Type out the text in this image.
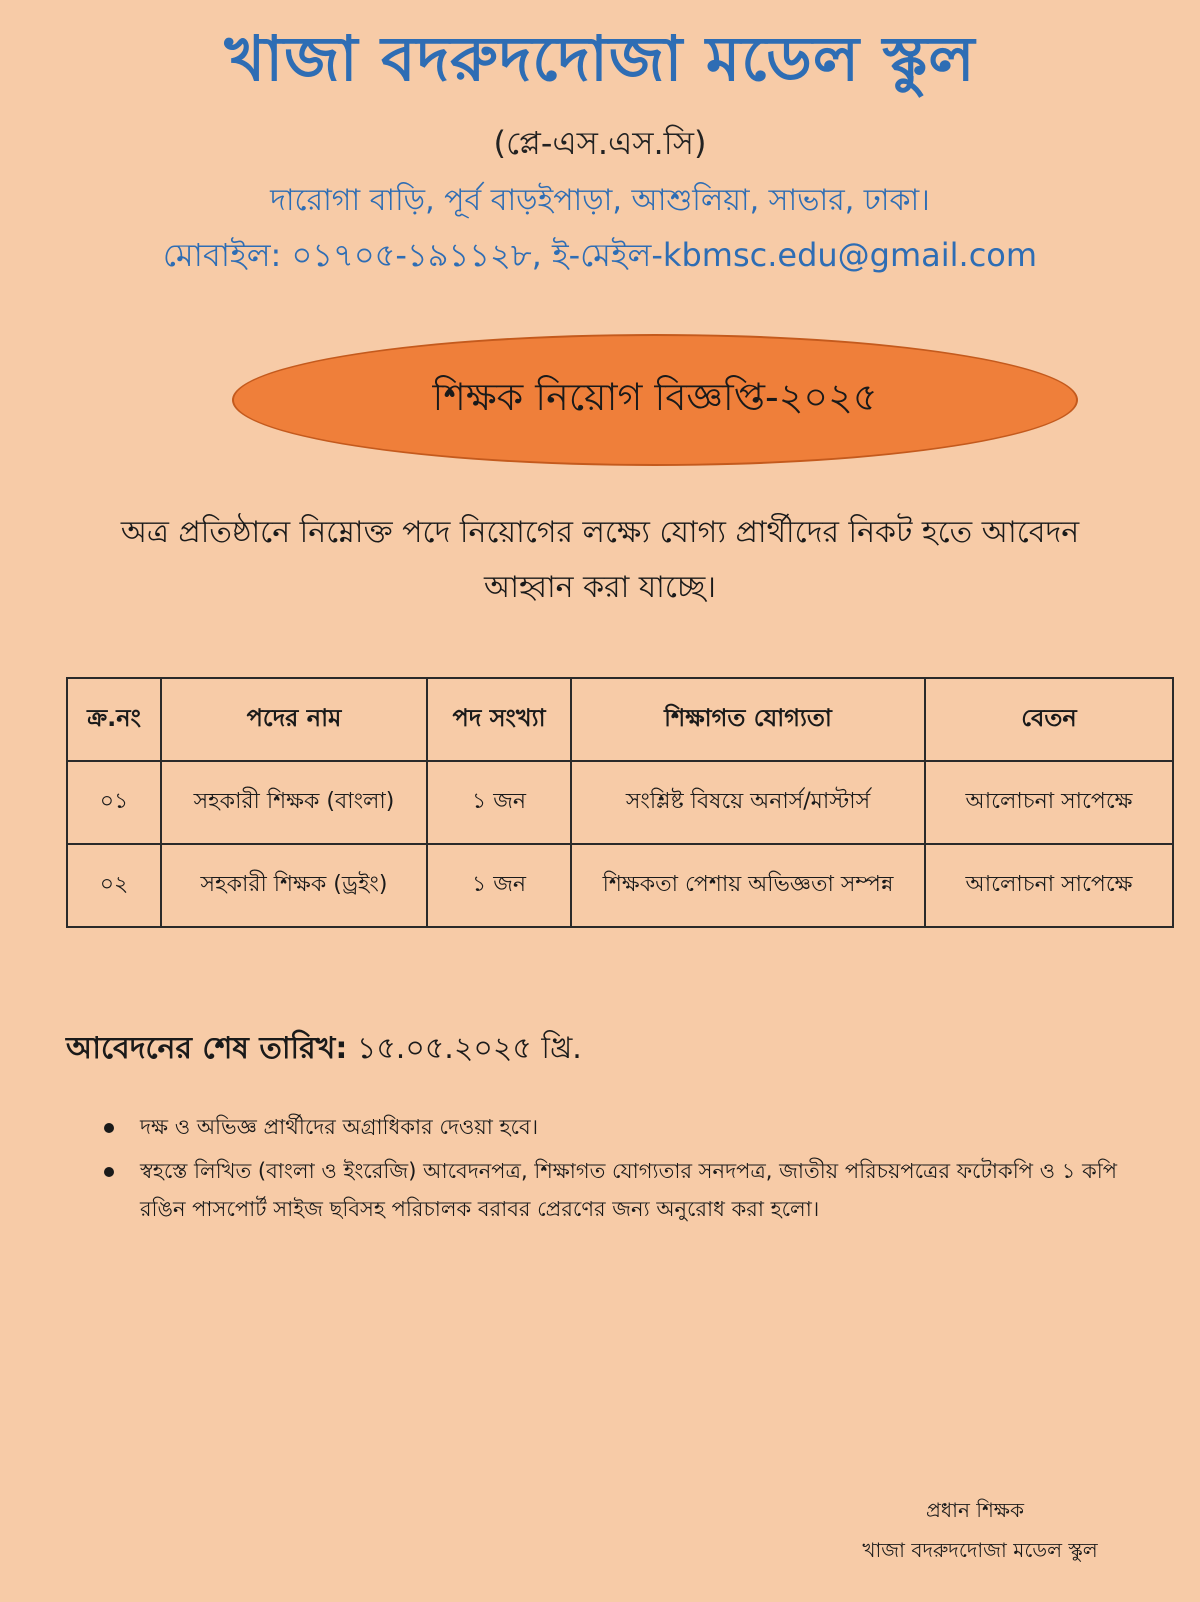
খাজা বদরুদদোজা মডেল স্কুল
(প্লে-এস.এস.সি)
দারোগা বাড়ি, পূর্ব বাড়ইপাড়া, আশুলিয়া, সাভার, ঢাকা।
মোবাইল: ০১৭০৫-১৯১১২৮, ই-মেইল-kbmsc.edu@gmail.com
শিক্ষক নিয়োগ বিজ্ঞপ্তি-২০২৫
অত্র প্রতিষ্ঠানে নিম্নোক্ত পদে নিয়োগের লক্ষ্যে যোগ্য প্রার্থীদের নিকট হতে আবেদন আহ্বান করা যাচ্ছে।
ক্র.নং	পদের নাম	পদ সংখ্যা	শিক্ষাগত যোগ্যতা	বেতন
০১	সহকারী শিক্ষক (বাংলা)	১ জন	সংশ্লিষ্ট বিষয়ে অনার্স/মাস্টার্স	আলোচনা সাপেক্ষে
০২	সহকারী শিক্ষক (ড্রইং)	১ জন	শিক্ষকতা পেশায় অভিজ্ঞতা সম্পন্ন	আলোচনা সাপেক্ষে
আবেদনের শেষ তারিখ: ১৫.০৫.২০২৫ খ্রি.
দক্ষ ও অভিজ্ঞ প্রার্থীদের অগ্রাধিকার দেওয়া হবে।
স্বহস্তে লিখিত (বাংলা ও ইংরেজি) আবেদনপত্র, শিক্ষাগত যোগ্যতার সনদপত্র, জাতীয় পরিচয়পত্রের ফটোকপি ও ১ কপি রঙিন পাসপোর্ট সাইজ ছবিসহ পরিচালক বরাবর প্রেরণের জন্য অনুরোধ করা হলো।
প্রধান শিক্ষক
খাজা বদরুদদোজা মডেল স্কুল
